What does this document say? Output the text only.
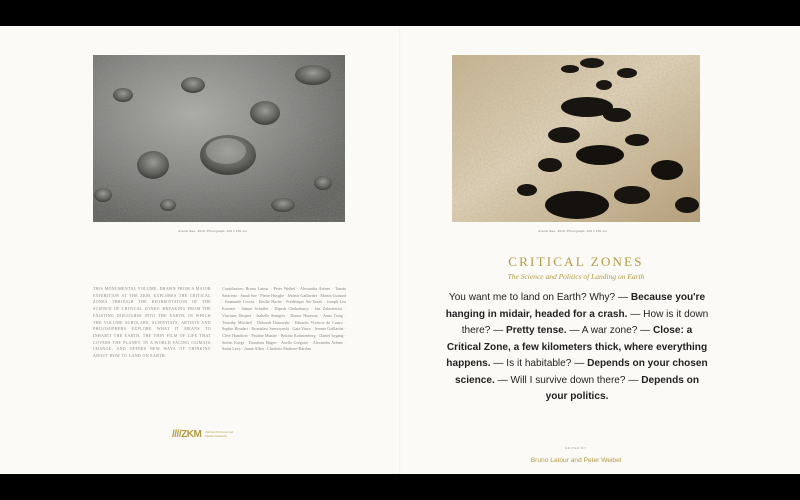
Ursula Ibex, 2019. Photograph. 100 x 150 cm
THIS MONUMENTAL VOLUME, DRAWN FROM A MAJOR EXHIBITION AT THE ZKM, EXPLORES THE CRITICAL ZONES THROUGH THE REORIENTATION OF THE SCIENCE OF CRITICAL ZONES: BREAKING FROM THE EXISTING DISCOURSE INTO THE EARTH, IN WHICH THE VOLUME SCHOLARS, SCIENTISTS, ARTISTS AND PHILOSOPHERS EXPLORE WHAT IT MEANS TO INHABIT THE EARTH, THE THIN FILM OF LIFE THAT COVERS THE PLANET, IN A WORLD FACING CLIMATE CHANGE, AND OFFERS NEW WAYS OF THINKING ABOUT HOW TO LAND ON EARTH.
Contributors: Bruno Latour · Peter Weibel · Alexandra Arènes · Tomás Saraceno · Sarah Sze · Pierre Huyghe · Jérôme Gaillardet · Martin Guinard · Emanuele Coccia · Emilie Hache · Frédérique Aït-Touati · Joseph Leo Koerner · Simon Schaffer · Dipesh Chakrabarty · Jan Zalasiewicz · Vinciane Despret · Isabelle Stengers · Donna Haraway · Anna Tsing · Timothy Mitchell · Deborah Danowski · Eduardo Viveiros de Castro · Sophie Houdart · Bronislaw Szerszynski · Gaia Vince · Jerome Gaillardet · Clive Hamilton · Pauline Munier · Bettina Korintenberg · Daniel Irrgang · Stefan Kaegi · Dorothea Hagen · Axelle Grégoire · Alexandra Arènes · Sonia Levy · Jamie Allen · Charlotte Malterre-Barthes
////ZKM Zentrum für Kunst und Medien Karlsruhe
Ursula Ibex, 2019. Photograph. 100 x 150 cm
CRITICAL ZONES
The Science and Politics of Landing on Earth
You want me to land on Earth? Why? — Because you're hanging in midair, headed for a crash. — How is it down there? — Pretty tense. — A war zone? — Close: a Critical Zone, a few kilometers thick, where everything happens. — Is it habitable? — Depends on your chosen science. — Will I survive down there? — Depends on your politics.
EDITED BY
Bruno Latour and Peter Weibel
